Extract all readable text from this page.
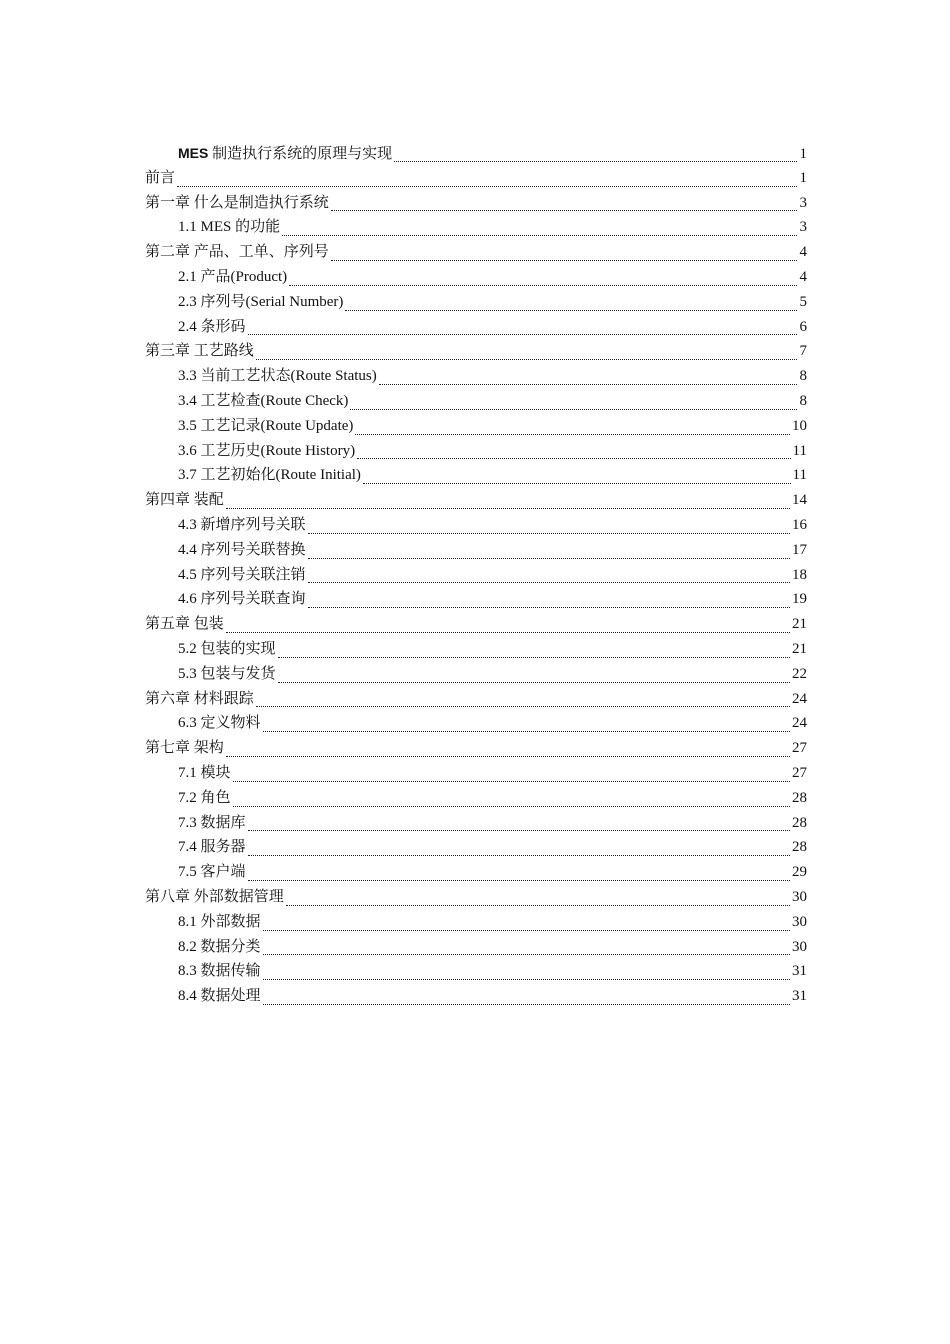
MES 制造执行系统的原理与实现	1
前言	1
第一章 什么是制造执行系统	3
1.1 MES 的功能	3
第二章 产品、工单、序列号	4
2.1 产品(Product)	4
2.3 序列号(Serial Number)	5
2.4 条形码	6
第三章 工艺路线	7
3.3 当前工艺状态(Route Status)	8
3.4 工艺检查(Route Check)	8
3.5 工艺记录(Route Update)	10
3.6 工艺历史(Route History)	11
3.7 工艺初始化(Route Initial)	11
第四章 装配	14
4.3 新增序列号关联	16
4.4 序列号关联替换	17
4.5 序列号关联注销	18
4.6 序列号关联查询	19
第五章 包装	21
5.2 包装的实现	21
5.3 包装与发货	22
第六章 材料跟踪	24
6.3 定义物料	24
第七章 架构	27
7.1 模块	27
7.2 角色	28
7.3 数据库	28
7.4 服务器	28
7.5 客户端	29
第八章 外部数据管理	30
8.1 外部数据	30
8.2 数据分类	30
8.3 数据传输	31
8.4 数据处理	31
